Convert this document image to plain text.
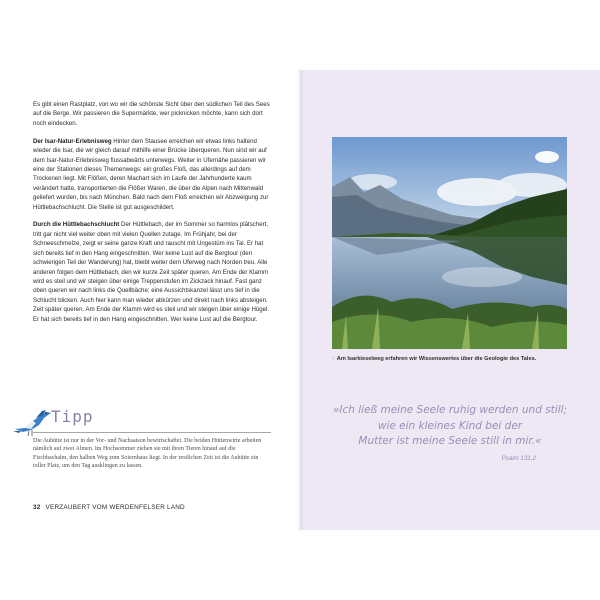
Es gibt einen Rastplatz, von wo wir die schönste Sicht über den südlichen Teil des Sees auf die Berge. Wir passieren die Supermärkte, wer picknicken möchte, kann sich dort noch eindecken.

Der Isar-Natur-Erlebnisweg Hinter dem Stausee erreichen wir etwas links haltend wieder die Isar, die wir gleich darauf mithilfe einer Brücke überqueren. Nun sind wir auf dem Isar-Natur-Erlebnisweg flussabwärts unterwegs. Weiter in Ufernähe passieren wir eine der Stationen dieses Themenwegs: ein großes Floß, das allerdings auf dem Trockenen liegt. Mit Flößen, deren Machart sich im Laufe der Jahrhunderte kaum verändert hatte, transportierten die Flößer Waren, die über die Alpen nach Mittenwald geliefert wurden, bis nach München. Bald nach dem Floß erreichen wir Abzweigung zur Hüttlebachschlucht. Die Stelle ist gut ausgeschildert.

Durch die Hüttlebachschlucht Der Hüttlebach, der im Sommer so harmlos plätschert, tritt gar nicht viel weiter oben mit vielen Quellen zutage. Im Frühjahr, bei der Schneeschmelze, zeigt er seine ganze Kraft und rauscht mit Ungestüm ins Tal. Er hat sich bereits tief in den Hang eingeschnitten. Wer keine Lust auf die Bergtour (den schwierigen Teil der Wanderung) hat, bleibt weiter dem Uferweg nach Norden treu. Alle anderen folgen dem Hüttlebach, den wir kurze Zeit später queren. Am Ende der Klamm wird es steil und wir steigen über einige Treppenstufen im Zickzack hinauf. Fast ganz oben queren wir nach links die Quellbäche; eine Aussichtskanzel lässt uns tief in die Schlucht blicken. Auch hier kann man wieder abkürzen und direkt nach links absteigen. Zeit später queren. Am Ende der Klamm wird es steil und wir steigen über einige Hügel. Er hat sich bereits tief in den Hang eingeschnitten. Wer keine Lust auf die Bergtour.

Tipp

Die Auhütte ist nur in der Vor- und Nachsaison bewirtschaftet. Die beiden Hüttenwirte arbeiten nämlich auf zwei Almen. Im Hochsommer ziehen sie mit ihren Tieren hinauf auf die Fischbachalm, den halben Weg zum Soiernhaus liegt. In der restlichen Zeit ist die Auhütte ein toller Platz, um den Tag ausklingen zu lassen.

32 VERZAUBERT VOM WERDENFELSER LAND
↑ Am Isarkieselweg erfahren wir Wissenswertes über die Geologie des Tales.
»Ich ließ meine Seele ruhig werden und still;
wie ein kleines Kind bei der
Mutter ist meine Seele still in mir.«
Psalm 131,2
